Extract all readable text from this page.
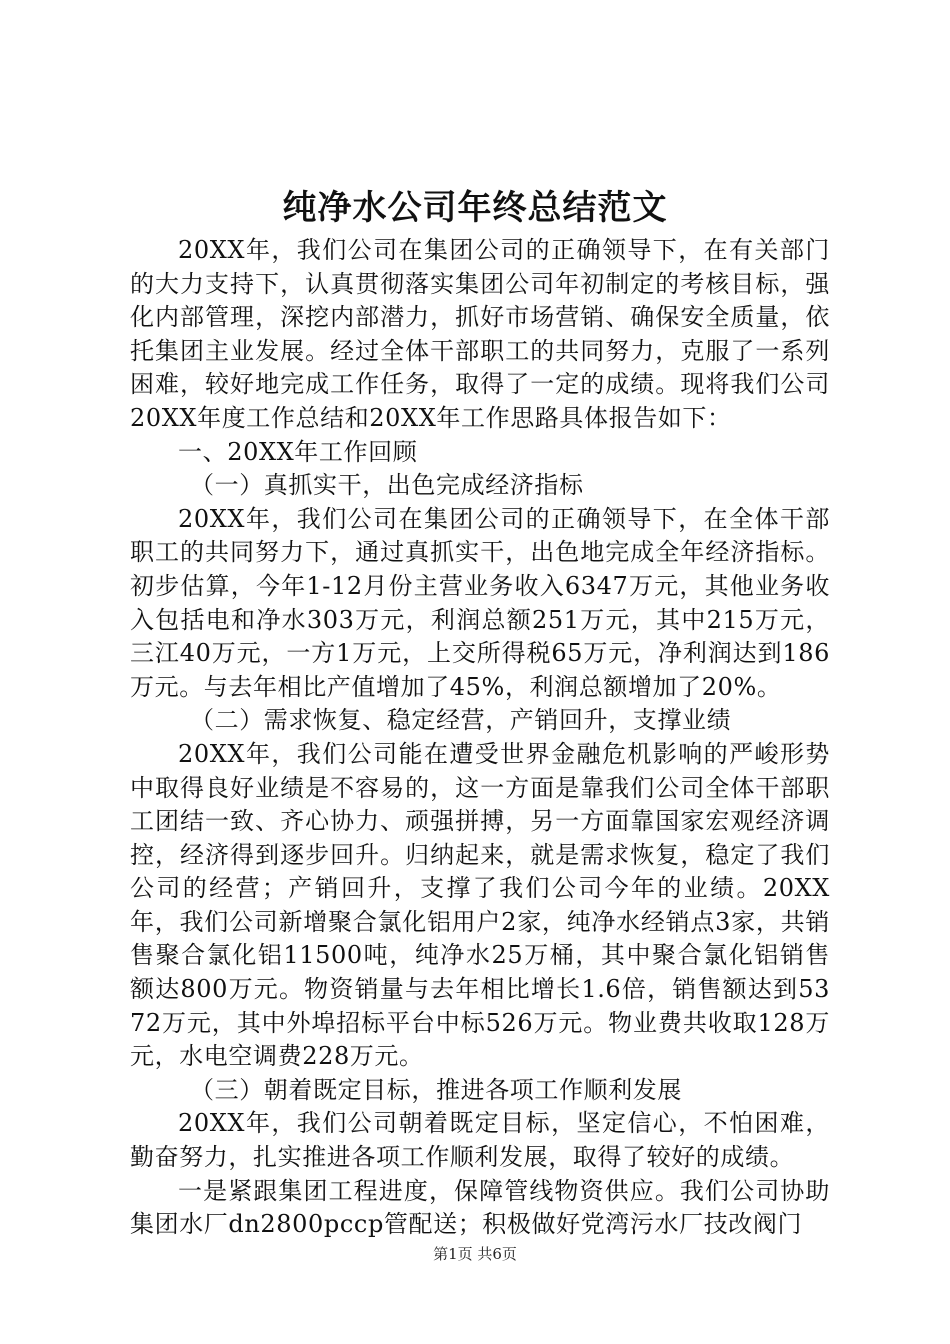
纯净水公司年终总结范文

20XX年，我们公司在集团公司的正确领导下，在有关部门的大力支持下，认真贯彻落实集团公司年初制定的考核目标，强化内部管理，深挖内部潜力，抓好市场营销、确保安全质量，依托集团主业发展。经过全体干部职工的共同努力，克服了一系列困难，较好地完成工作任务，取得了一定的成绩。现将我们公司20XX年度工作总结和20XX年工作思路具体报告如下：

一、20XX年工作回顾

（一）真抓实干，出色完成经济指标

20XX年，我们公司在集团公司的正确领导下，在全体干部职工的共同努力下，通过真抓实干，出色地完成全年经济指标。初步估算，今年1-12月份主营业务收入6347万元，其他业务收入包括电和净水303万元，利润总额251万元，其中215万元，三江40万元，一方1万元，上交所得税65万元，净利润达到186万元。与去年相比产值增加了45%，利润总额增加了20%。

（二）需求恢复、稳定经营，产销回升，支撑业绩

20XX年，我们公司能在遭受世界金融危机影响的严峻形势中取得良好业绩是不容易的，这一方面是靠我们公司全体干部职工团结一致、齐心协力、顽强拼搏，另一方面靠国家宏观经济调控，经济得到逐步回升。归纳起来，就是需求恢复，稳定了我们公司的经营；产销回升，支撑了我们公司今年的业绩。20XX年，我们公司新增聚合氯化铝用户2家，纯净水经销点3家，共销售聚合氯化铝11500吨，纯净水25万桶，其中聚合氯化铝销售额达800万元。物资销量与去年相比增长1.6倍，销售额达到5372万元，其中外埠招标平台中标526万元。物业费共收取128万元，水电空调费228万元。

（三）朝着既定目标，推进各项工作顺利发展

20XX年，我们公司朝着既定目标，坚定信心，不怕困难，勤奋努力，扎实推进各项工作顺利发展，取得了较好的成绩。

一是紧跟集团工程进度，保障管线物资供应。我们公司协助集团水厂dn2800pccp管配送；积极做好党湾污水厂技改阀门

第1页 共6页
